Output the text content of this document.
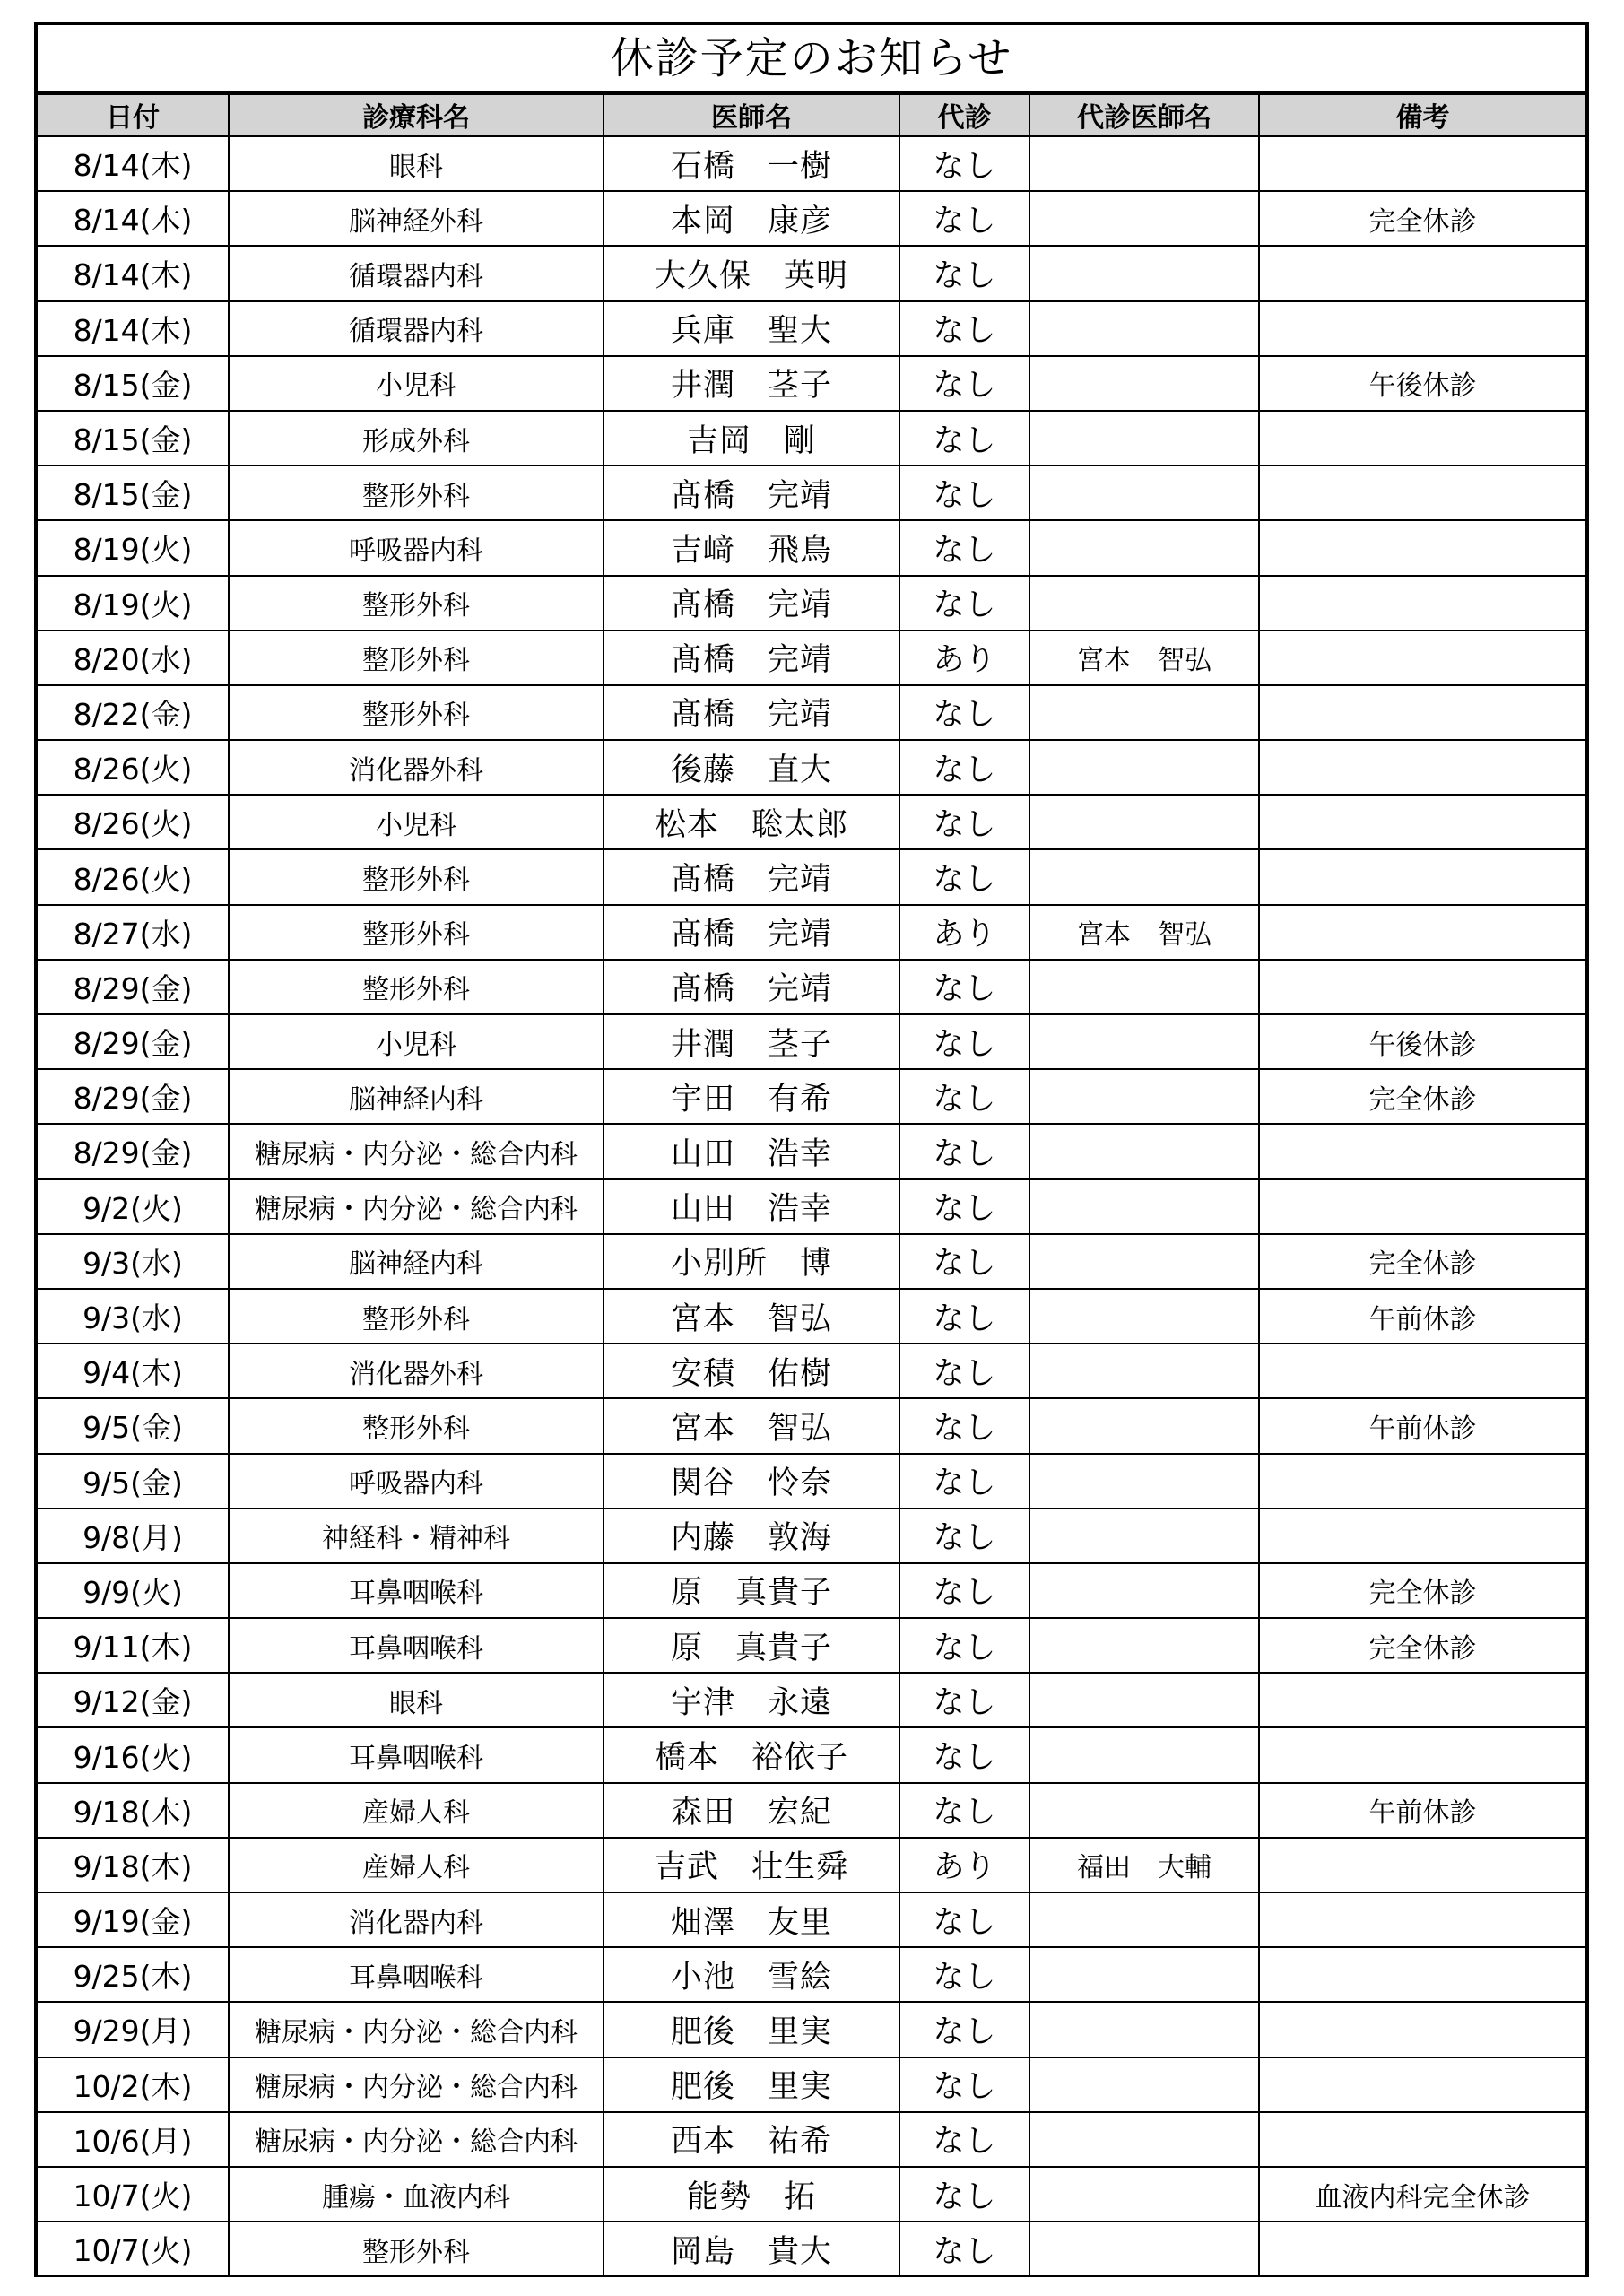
休診予定のお知らせ
日付	診療科名	医師名	代診	代診医師名	備考
8/14(木)	眼科	石橋　一樹	なし		
8/14(木)	脳神経外科	本岡　康彦	なし		完全休診
8/14(木)	循環器内科	大久保　英明	なし		
8/14(木)	循環器内科	兵庫　聖大	なし		
8/15(金)	小児科	井潤　茎子	なし		午後休診
8/15(金)	形成外科	吉岡　剛	なし		
8/15(金)	整形外科	髙橋　完靖	なし		
8/19(火)	呼吸器内科	吉﨑　飛鳥	なし		
8/19(火)	整形外科	髙橋　完靖	なし		
8/20(水)	整形外科	髙橋　完靖	あり	宮本　智弘	
8/22(金)	整形外科	髙橋　完靖	なし		
8/26(火)	消化器外科	後藤　直大	なし		
8/26(火)	小児科	松本　聡太郎	なし		
8/26(火)	整形外科	髙橋　完靖	なし		
8/27(水)	整形外科	髙橋　完靖	あり	宮本　智弘	
8/29(金)	整形外科	髙橋　完靖	なし		
8/29(金)	小児科	井潤　茎子	なし		午後休診
8/29(金)	脳神経内科	宇田　有希	なし		完全休診
8/29(金)	糖尿病・内分泌・総合内科	山田　浩幸	なし		
9/2(火)	糖尿病・内分泌・総合内科	山田　浩幸	なし		
9/3(水)	脳神経内科	小別所　博	なし		完全休診
9/3(水)	整形外科	宮本　智弘	なし		午前休診
9/4(木)	消化器外科	安積　佑樹	なし		
9/5(金)	整形外科	宮本　智弘	なし		午前休診
9/5(金)	呼吸器内科	関谷　怜奈	なし		
9/8(月)	神経科・精神科	内藤　敦海	なし		
9/9(火)	耳鼻咽喉科	原　真貴子	なし		完全休診
9/11(木)	耳鼻咽喉科	原　真貴子	なし		完全休診
9/12(金)	眼科	宇津　永遠	なし		
9/16(火)	耳鼻咽喉科	橋本　裕依子	なし		
9/18(木)	産婦人科	森田　宏紀	なし		午前休診
9/18(木)	産婦人科	吉武　壮生舜	あり	福田　大輔	
9/19(金)	消化器内科	畑澤　友里	なし		
9/25(木)	耳鼻咽喉科	小池　雪絵	なし		
9/29(月)	糖尿病・内分泌・総合内科	肥後　里実	なし		
10/2(木)	糖尿病・内分泌・総合内科	肥後　里実	なし		
10/6(月)	糖尿病・内分泌・総合内科	西本　祐希	なし		
10/7(火)	腫瘍・血液内科	能勢　拓	なし		血液内科完全休診
10/7(火)	整形外科	岡島　貴大	なし		
